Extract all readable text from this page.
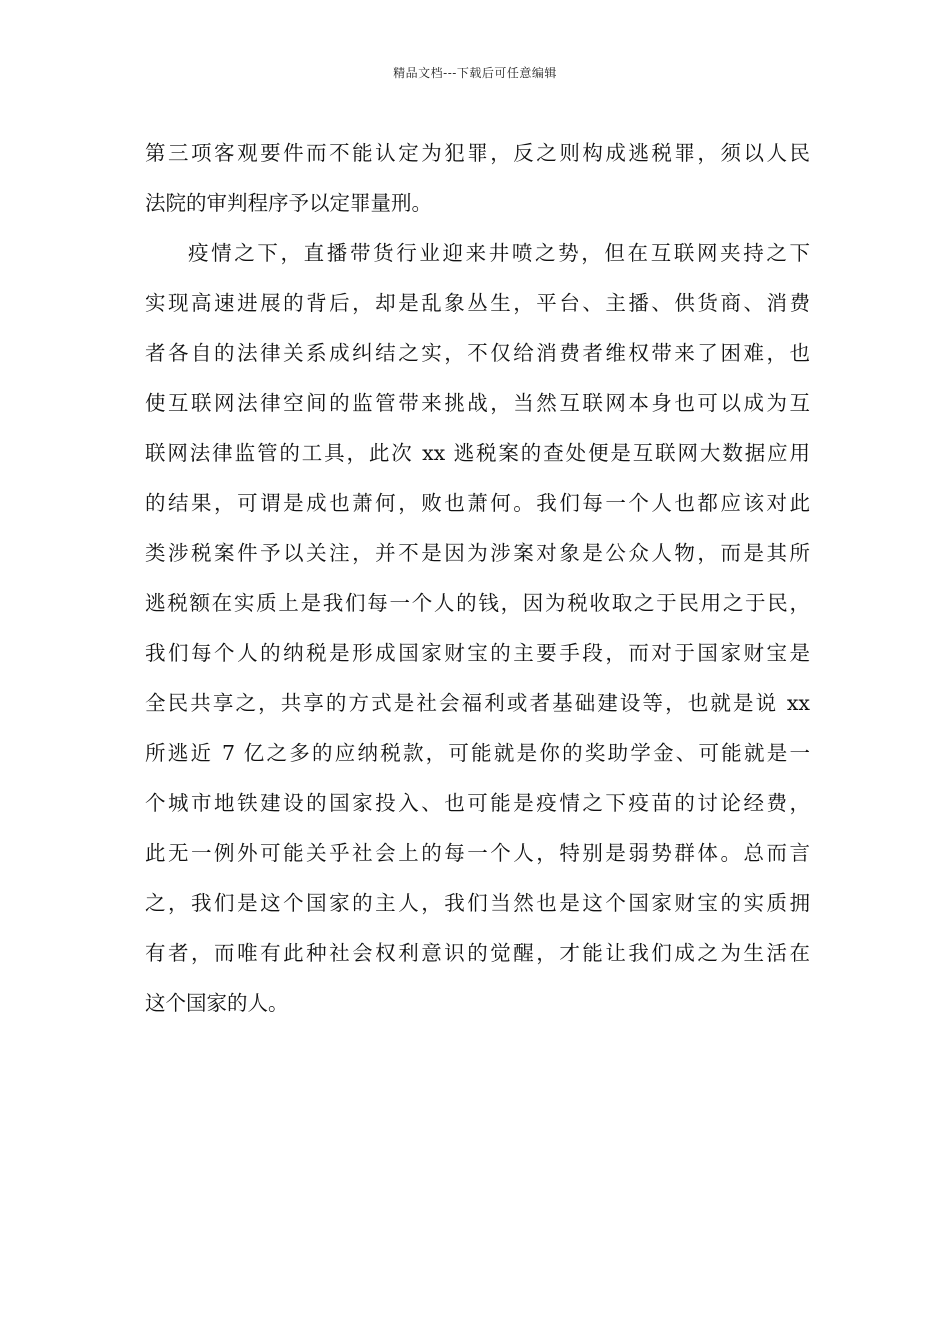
精品文档---下载后可任意编辑
第三项客观要件而不能认定为犯罪，反之则构成逃税罪，须以人民
法院的审判程序予以定罪量刑。
疫情之下，直播带货行业迎来井喷之势，但在互联网夹持之下
实现高速进展的背后，却是乱象丛生，平台、主播、供货商、消费
者各自的法律关系成纠结之实，不仅给消费者维权带来了困难，也
使互联网法律空间的监管带来挑战，当然互联网本身也可以成为互
联网法律监管的工具，此次 xx 逃税案的查处便是互联网大数据应用
的结果，可谓是成也萧何，败也萧何。我们每一个人也都应该对此
类涉税案件予以关注，并不是因为涉案对象是公众人物，而是其所
逃税额在实质上是我们每一个人的钱，因为税收取之于民用之于民，
我们每个人的纳税是形成国家财宝的主要手段，而对于国家财宝是
全民共享之，共享的方式是社会福利或者基础建设等，也就是说 xx
所逃近 7 亿之多的应纳税款，可能就是你的奖助学金、可能就是一
个城市地铁建设的国家投入、也可能是疫情之下疫苗的讨论经费，
此无一例外可能关乎社会上的每一个人，特别是弱势群体。总而言
之，我们是这个国家的主人，我们当然也是这个国家财宝的实质拥
有者，而唯有此种社会权利意识的觉醒，才能让我们成之为生活在
这个国家的人。
